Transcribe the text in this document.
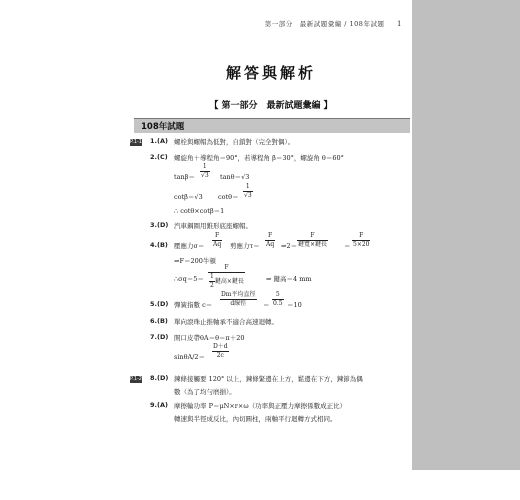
第一部分　最新試題彙編 / 108年試題 1
解答與解析
【 第一部分　最新試題彙編 】
108年試題
P.1-1 1.(A) 螺栓與螺帽為低對，自鎖對（完全對偶）。
2.(C) 螺旋角＋導程角＝90°，若導程角 β＝30°，螺旋角 θ＝60°
$\tan\beta= \frac{1}{√3} \tan\theta=√3$
cotβ＝√3 $\cot\theta= \frac{1}{√3}$
∴ cotθ×cotβ＝1
3.(D) 汽車鋼圈用錐形底座螺帽。
4.(B) 壓應力$\sigma= \frac{F}{Aq}$ 剪應力$\tau= \frac{F}{Aq}$ ⇒2＝
F
鍵寬×鍵長	＝ $\frac{F}{5\times 20}$
⇒F＝200牛頓
∴σq＝5＝
F
$\frac{1}{2}$ 鍵高×鍵長	⇒ 鍵高＝4 mm
5.(D) 彈簧指數 c＝
Dm平均直徑
d線徑	＝ $\frac{5}{0.5} =10$
6.(B) 單向滾珠止推軸承不適合高速迴轉。
7.(D) 開口皮帶θA＝θ＝π＋20
$\sin\theta A/2= \frac{D+d}{2c}$
P.1-2 8.(D) 鍊條接觸要 120° 以上，鍊條緊邊在上方，鬆邊在下方，鍊節為偶
數（為了均勻磨損）。
9.(A) 摩擦輪功率 P＝μN×r×ω（功率與正壓力摩擦係數成正比）
轉速與半徑成反比，內切圓柱，兩軸平行迴轉方式相同。
